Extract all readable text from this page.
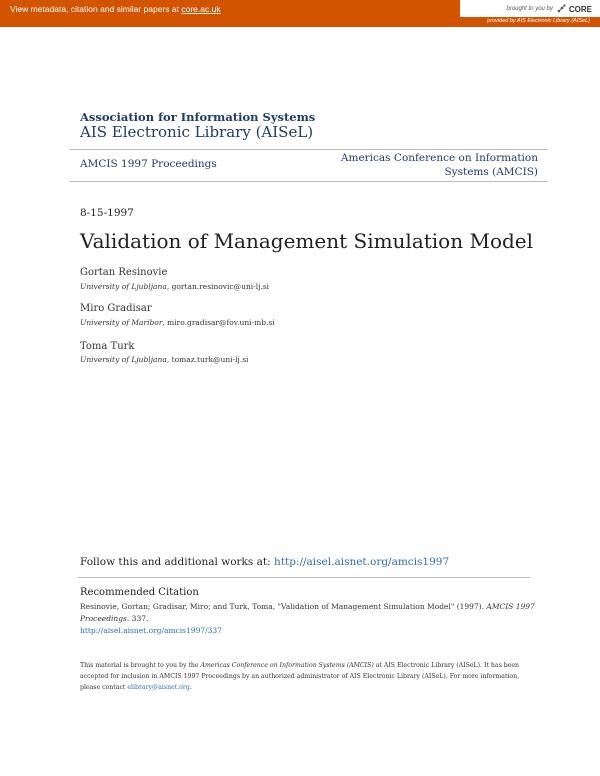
View metadata, citation and similar papers at core.ac.uk	brought to you by CORE
provided by AIS Electronic Library (AISeL)
Association for Information Systems
AIS Electronic Library (AISeL)
AMCIS 1997 Proceedings	Americas Conference on Information Systems (AMCIS)
8-15-1997
Validation of Management Simulation Model
Gortan Resinovie
University of Ljubljana, gortan.resinovic@uni-lj.si
Miro Gradisar
University of Maribor, miro.gradisar@fov.uni-mb.si
Toma Turk
University of Ljubljana, tomaz.turk@uni-lj.si
Follow this and additional works at: http://aisel.aisnet.org/amcis1997
Recommended Citation
Resinovie, Gortan; Gradisar, Miro; and Turk, Toma, "Validation of Management Simulation Model" (1997). AMCIS 1997 Proceedings. 337.
http://aisel.aisnet.org/amcis1997/337
This material is brought to you by the Americas Conference on Information Systems (AMCIS) at AIS Electronic Library (AISeL). It has been accepted for inclusion in AMCIS 1997 Proceedings by an authorized administrator of AIS Electronic Library (AISeL). For more information, please contact elibrary@aisnet.org.
